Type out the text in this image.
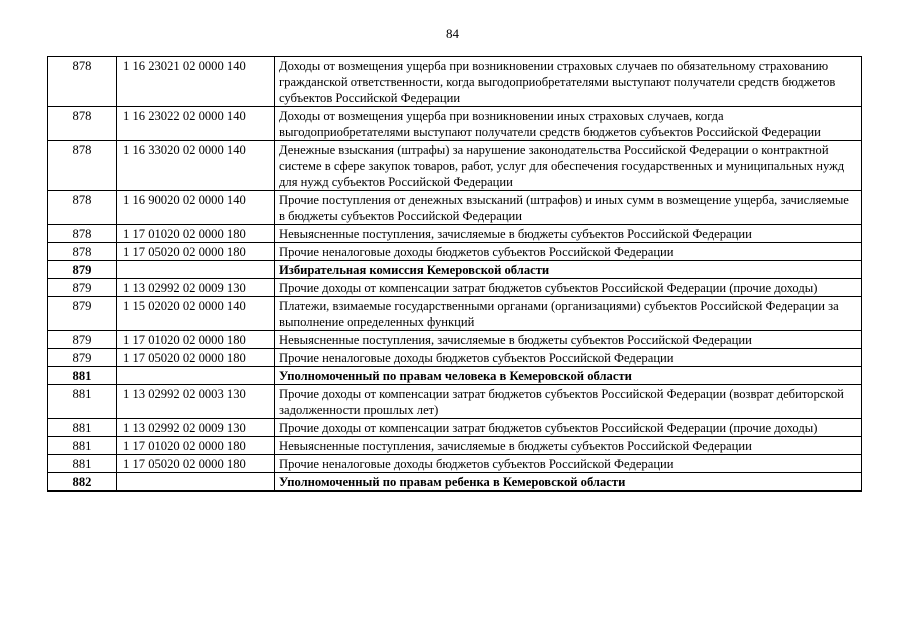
84
878	1 16 23021 02 0000 140	Доходы от возмещения ущерба при возникновении страховых случаев по обязательному страхованию гражданской ответственности, когда выгодоприобретателями выступают получатели средств бюджетов субъектов Российской Федерации
878	1 16 23022 02 0000 140	Доходы от возмещения ущерба при возникновении иных страховых случаев, когда выгодоприобретателями выступают получатели средств бюджетов субъектов Российской Федерации
878	1 16 33020 02 0000 140	Денежные взыскания (штрафы) за нарушение законодательства Российской Федерации о контрактной системе в сфере закупок товаров, работ, услуг для обеспечения государственных и муниципальных нужд для нужд субъектов Российской Федерации
878	1 16 90020 02 0000 140	Прочие поступления от денежных взысканий (штрафов) и иных сумм в возмещение ущерба, зачисляемые в бюджеты субъектов Российской Федерации
878	1 17 01020 02 0000 180	Невыясненные поступления, зачисляемые в бюджеты субъектов Российской Федерации
878	1 17 05020 02 0000 180	Прочие неналоговые доходы бюджетов субъектов Российской Федерации
879		Избирательная комиссия Кемеровской области
879	1 13 02992 02 0009 130	Прочие доходы от компенсации затрат бюджетов субъектов Российской Федерации (прочие доходы)
879	1 15 02020 02 0000 140	Платежи, взимаемые государственными органами (организациями) субъектов Российской Федерации за выполнение определенных функций
879	1 17 01020 02 0000 180	Невыясненные поступления, зачисляемые в бюджеты субъектов Российской Федерации
879	1 17 05020 02 0000 180	Прочие неналоговые доходы бюджетов субъектов Российской Федерации
881		Уполномоченный по правам человека в Кемеровской области
881	1 13 02992 02 0003 130	Прочие доходы от компенсации затрат бюджетов субъектов Российской Федерации (возврат дебиторской задолженности прошлых лет)
881	1 13 02992 02 0009 130	Прочие доходы от компенсации затрат бюджетов субъектов Российской Федерации (прочие доходы)
881	1 17 01020 02 0000 180	Невыясненные поступления, зачисляемые в бюджеты субъектов Российской Федерации
881	1 17 05020 02 0000 180	Прочие неналоговые доходы бюджетов субъектов Российской Федерации
882		Уполномоченный по правам ребенка в Кемеровской области
